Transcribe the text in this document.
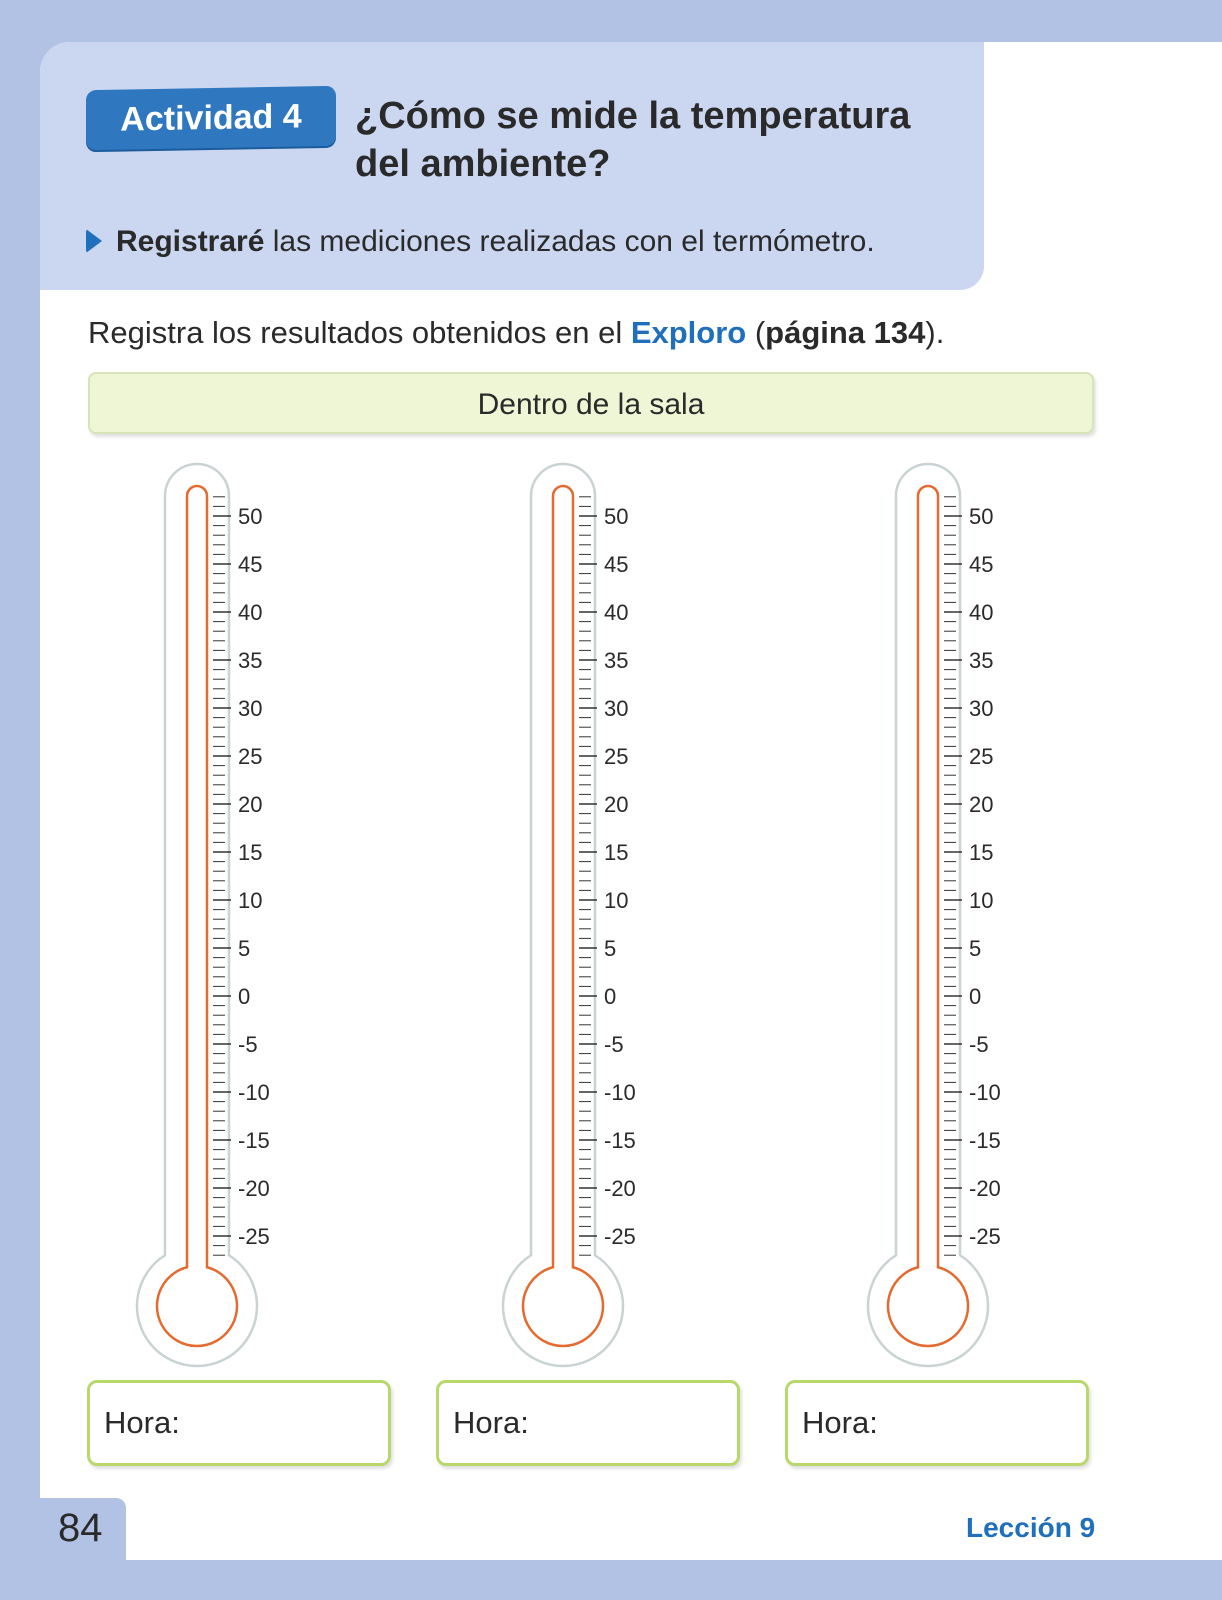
Actividad 4	¿Cómo se mide la temperatura del ambiente?
Registraré las mediciones realizadas con el termómetro.
Registra los resultados obtenidos en el Exploro (página 134).
Dentro de la sala
50
45
40
35
30
25
20
15
10
5
0
-5
-10
-15
-20
-25
50
45
40
35
30
25
20
15
10
5
0
-5
-10
-15
-20
-25
50
45
40
35
30
25
20
15
10
5
0
-5
-10
-15
-20
-25
Hora:	Hora:	Hora:
84	Lección 9
